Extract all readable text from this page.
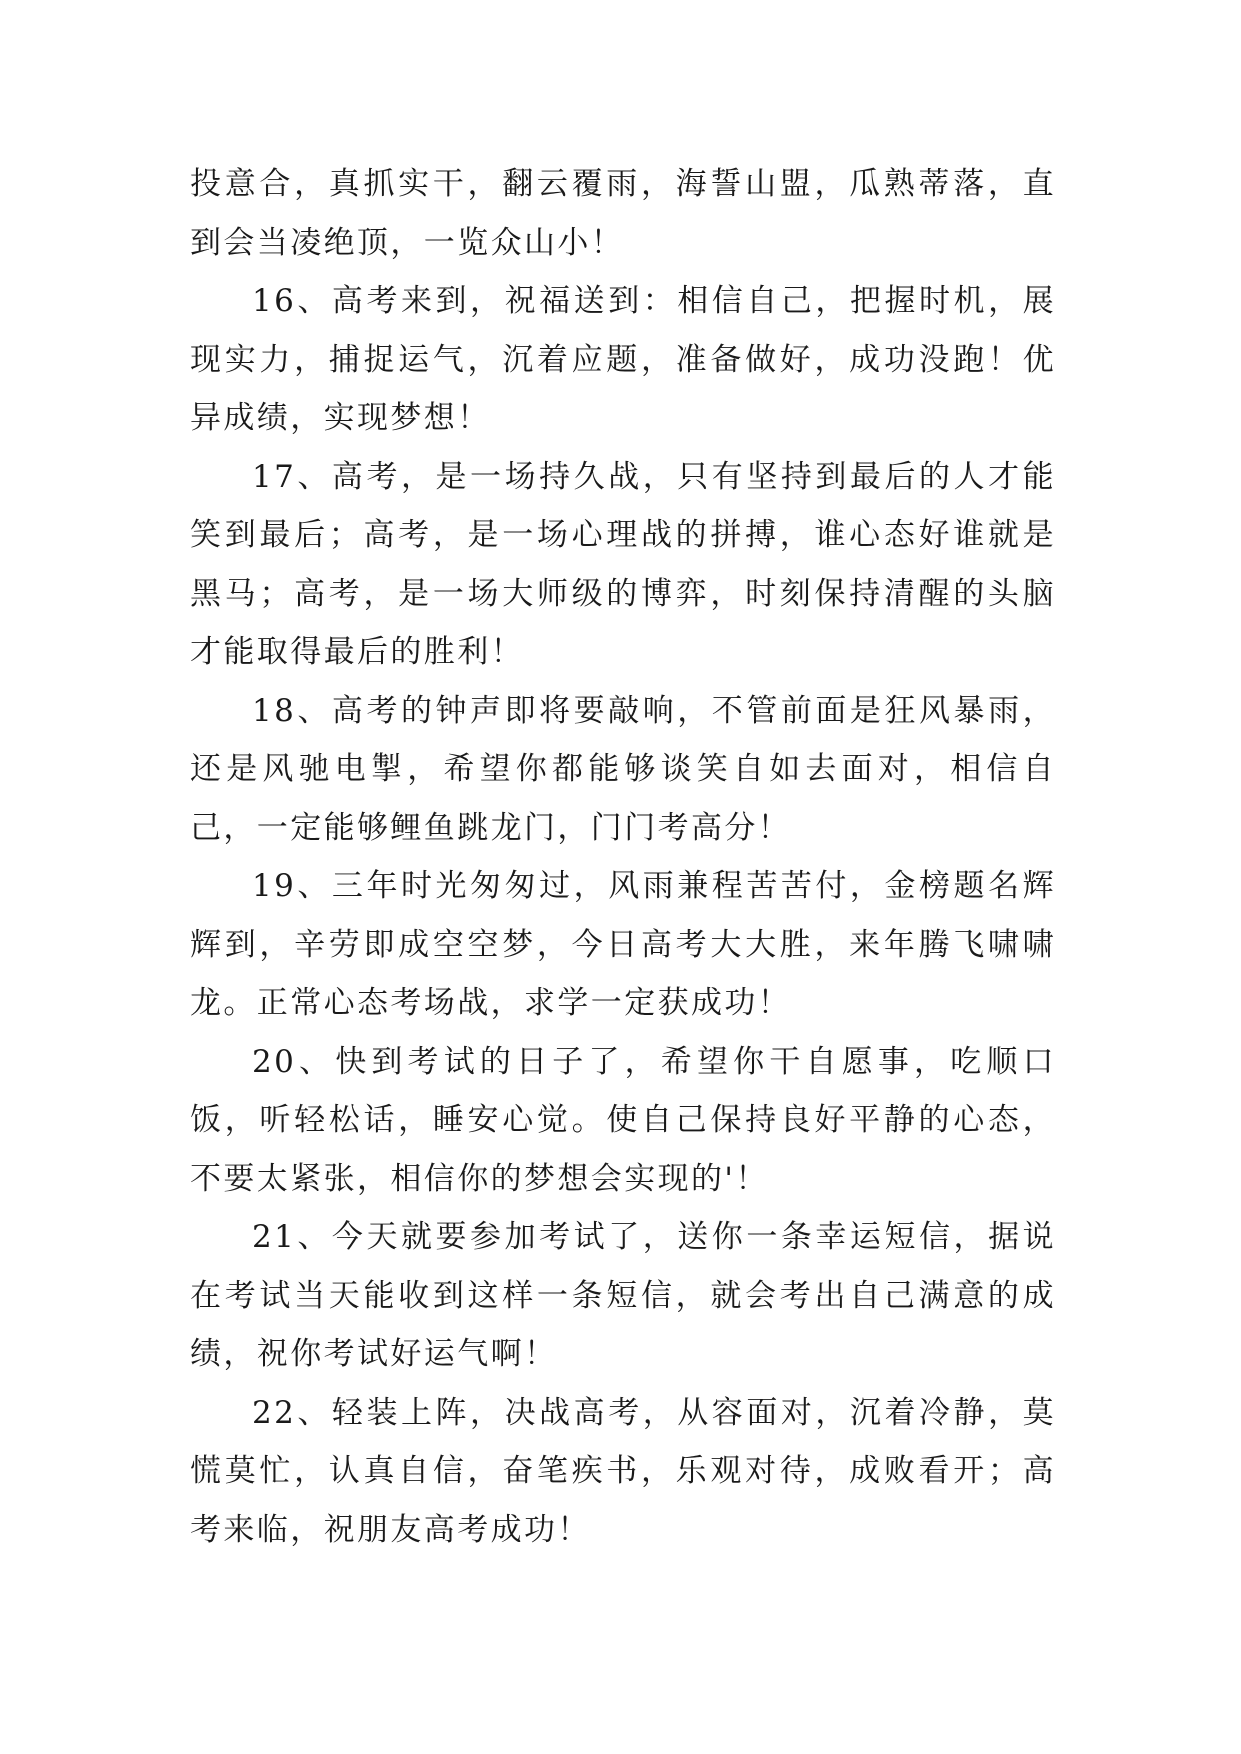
投意合，真抓实干，翻云覆雨，海誓山盟，瓜熟蒂落，直到会当凌绝顶，一览众山小！

16、高考来到，祝福送到：相信自己，把握时机，展现实力，捕捉运气，沉着应题，准备做好，成功没跑！优异成绩，实现梦想！

17、高考，是一场持久战，只有坚持到最后的人才能笑到最后；高考，是一场心理战的拼搏，谁心态好谁就是黑马；高考，是一场大师级的博弈，时刻保持清醒的头脑才能取得最后的胜利！

18、高考的钟声即将要敲响，不管前面是狂风暴雨，还是风驰电掣，希望你都能够谈笑自如去面对，相信自己，一定能够鲤鱼跳龙门，门门考高分！

19、三年时光匆匆过，风雨兼程苦苦付，金榜题名辉辉到，辛劳即成空空梦，今日高考大大胜，来年腾飞啸啸龙。正常心态考场战，求学一定获成功！

20、快到考试的日子了，希望你干自愿事，吃顺口饭，听轻松话，睡安心觉。使自己保持良好平静的心态，不要太紧张，相信你的梦想会实现的'！

21、今天就要参加考试了，送你一条幸运短信，据说在考试当天能收到这样一条短信，就会考出自己满意的成绩，祝你考试好运气啊！

22、轻装上阵，决战高考，从容面对，沉着冷静，莫慌莫忙，认真自信，奋笔疾书，乐观对待，成败看开；高考来临，祝朋友高考成功！
